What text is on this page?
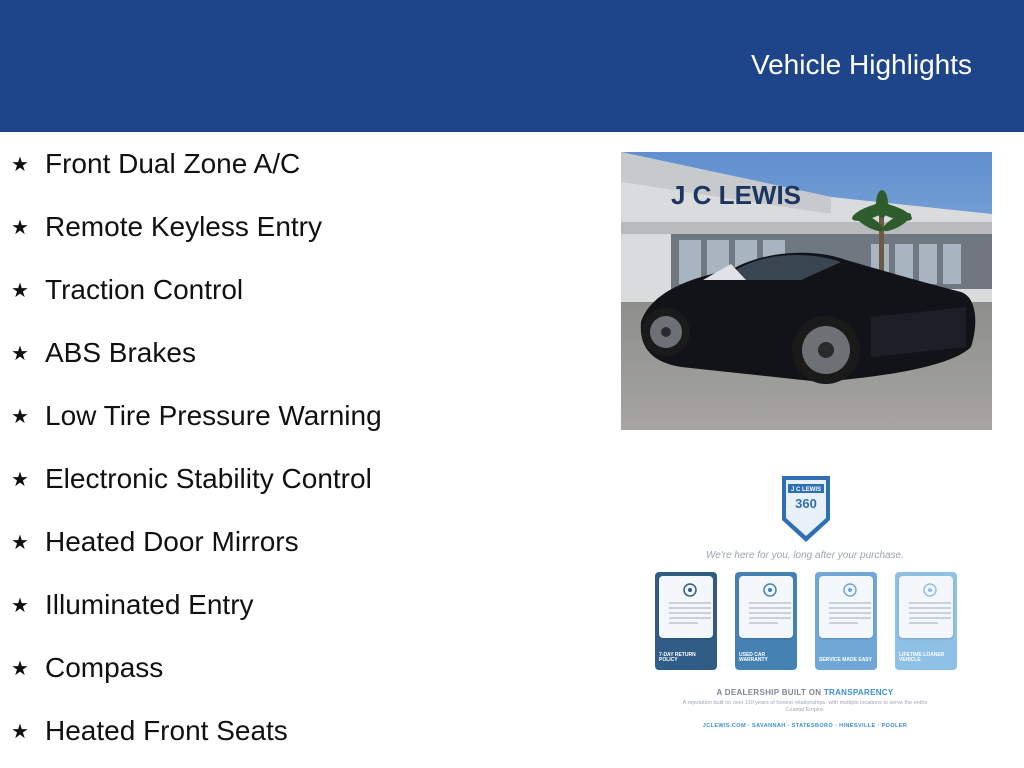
Vehicle Highlights
★ Front Dual Zone A/C
★ Remote Keyless Entry
★ Traction Control
★ ABS Brakes
★ Low Tire Pressure Warning
★ Electronic Stability Control
★ Heated Door Mirrors
★ Illuminated Entry
★ Compass
★ Heated Front Seats
J C LEWIS
J C LEWIS
360
We're here for you, long after your purchase.
7-DAY RETURN POLICY
USED CAR WARRANTY	SERVICE MADE EASY
LIFETIME LOANER VEHICLE
A DEALERSHIP BUILT ON TRANSPARENCY
A reputation built on over 110 years of honest relationships, with multiple locations to serve the entire Coastal Empire.
JCLEWIS.COM · SAVANNAH · STATESBORO · HINESVILLE · POOLER
